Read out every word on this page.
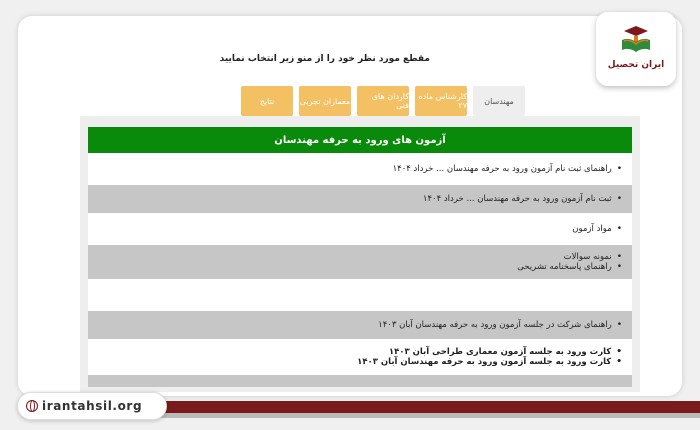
مقطع مورد نظر خود را از منو زیر انتخاب نمایید
مهندسان
کارشناس ماده ۲۷
کاردان های فنی
معماران تجربی
نتایج
آزمون های ورود به حرفه مهندسان
• راهنمای ثبت نام آزمون ورود به حرفه مهندسان ... خرداد ۱۴۰۴
• ثبت نام آزمون ورود به حرفه مهندسان ... خرداد ۱۴۰۴
• مواد آزمون
• نمونه سوالات
• راهنمای پاسخنامه تشریحی
• راهنمای شرکت در جلسه آزمون ورود به حرفه مهندسان آبان ۱۴۰۳
• کارت ورود به جلسه آزمون معماری طراحی آبان ۱۴۰۳
• کارت ورود به جلسه آزمون ورود به حرفه مهندسان آبان ۱۴۰۳
ایران تحصیل
irantahsil.org
